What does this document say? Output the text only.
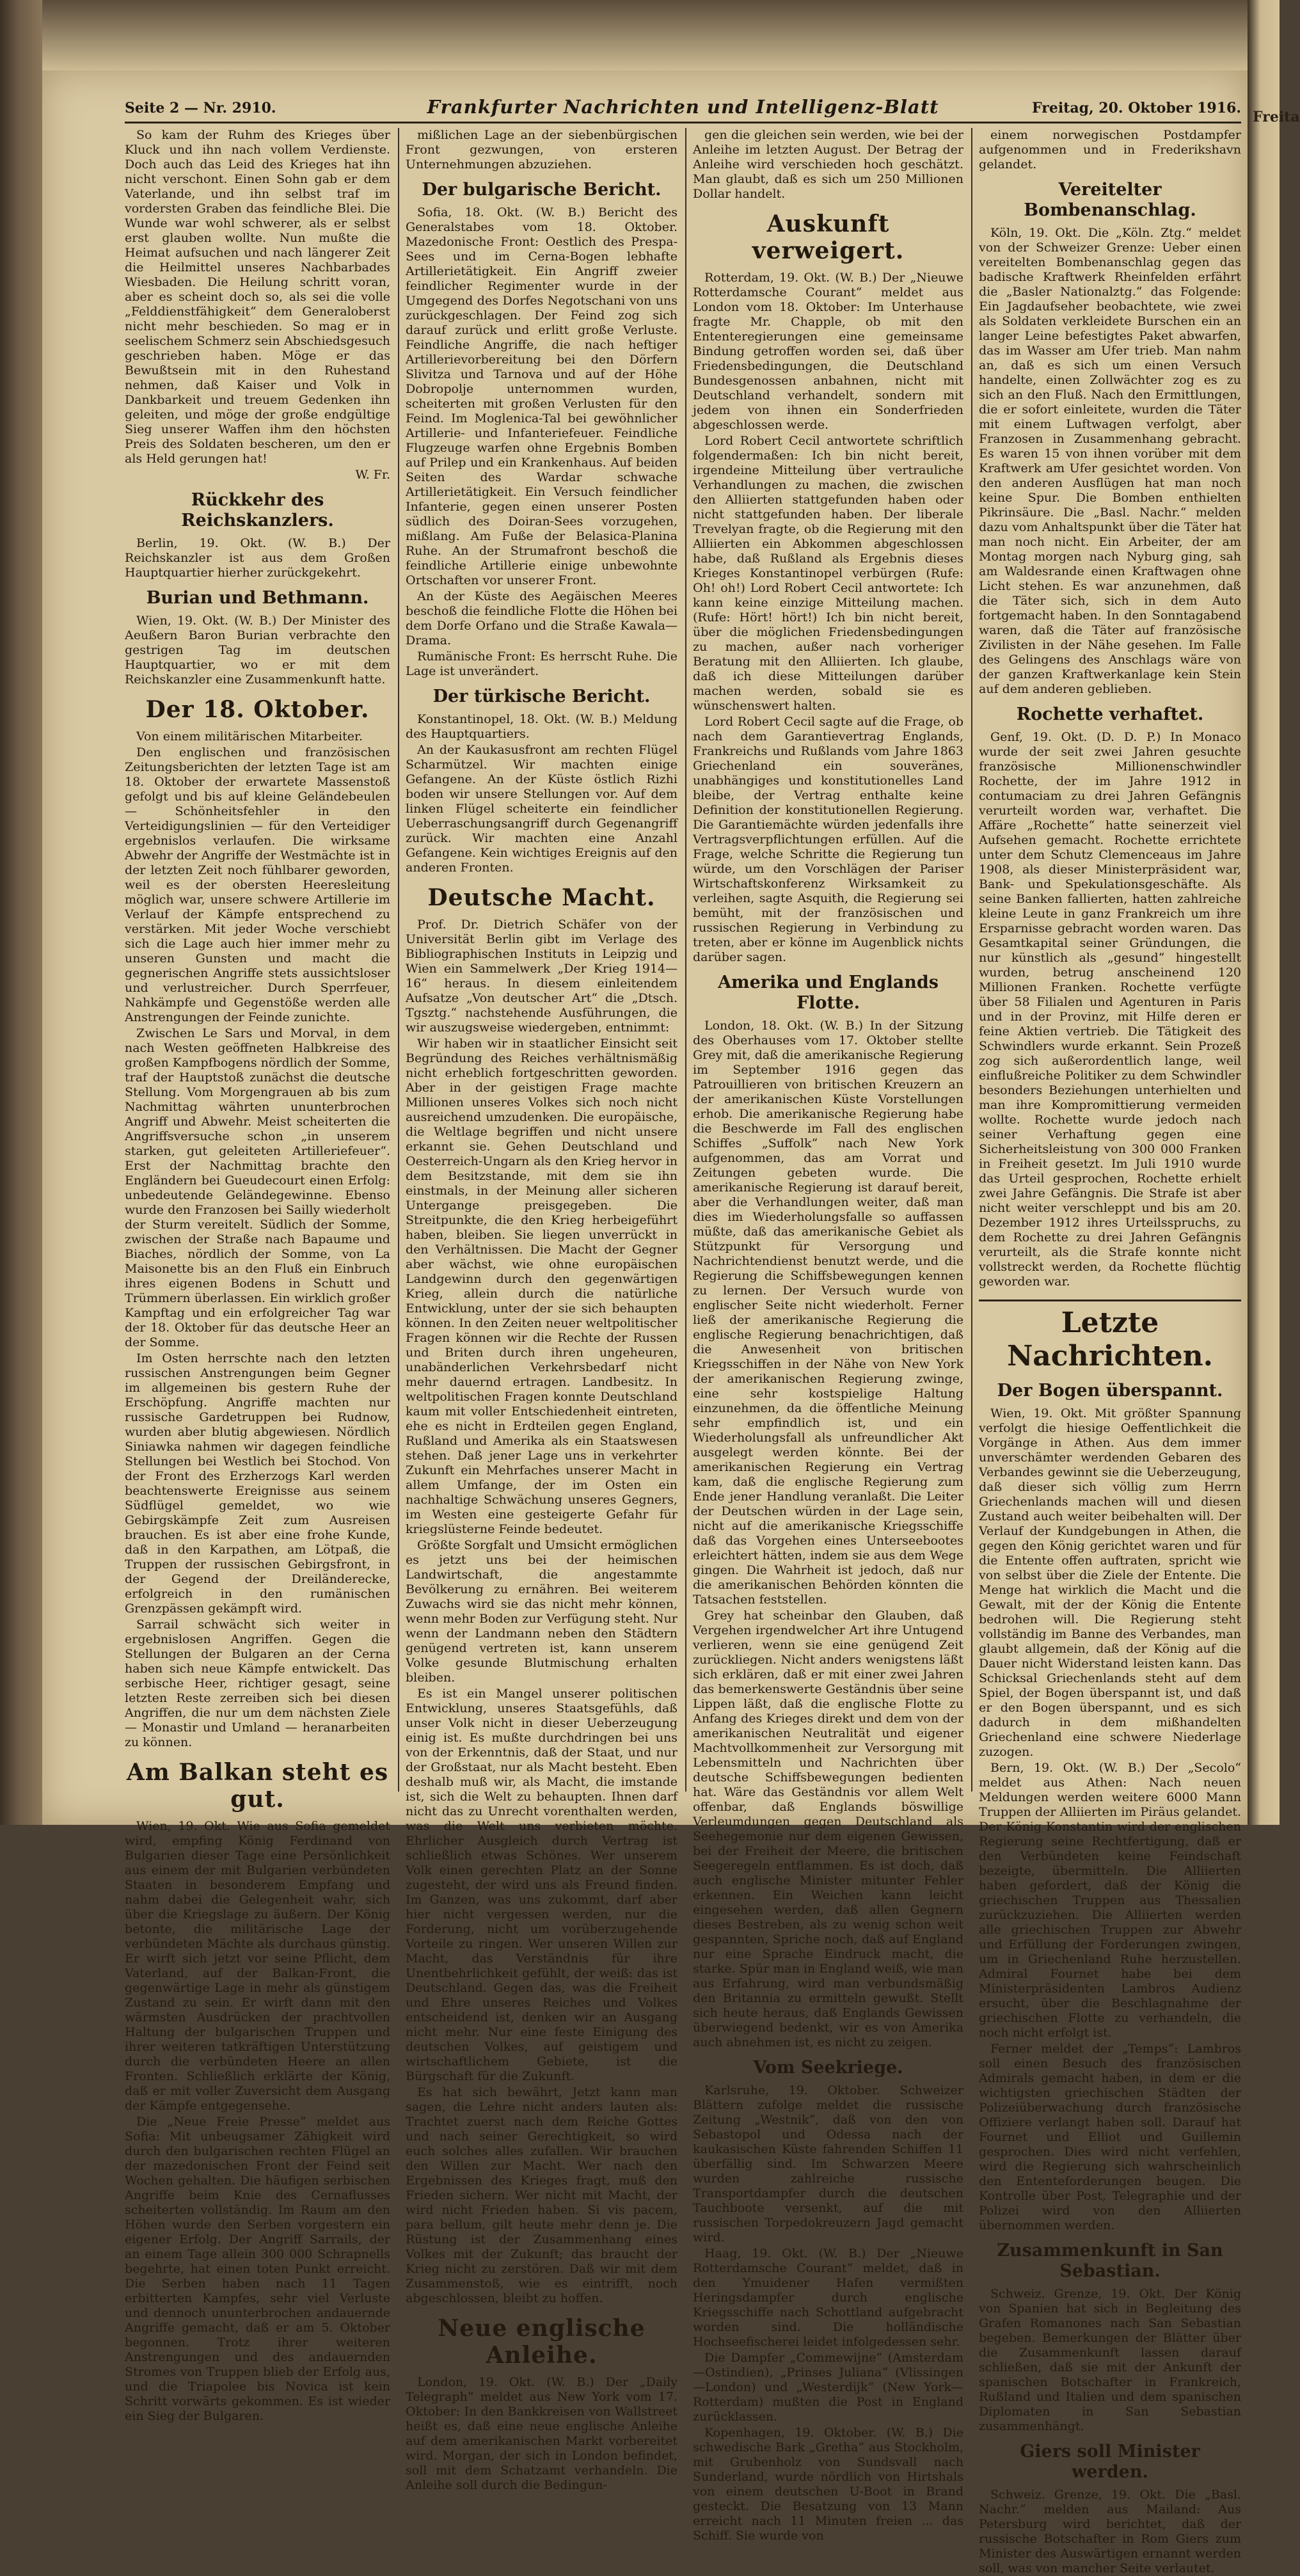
Freita
Seite 2 — Nr. 2910.	Frankfurter Nachrichten und Intelligenz-Blatt	Freitag, 20. Oktober 1916.

So kam der Ruhm des Krieges über Kluck und ihn nach vollem Verdienste. Doch auch das Leid des Krieges hat ihn nicht verschont. Einen Sohn gab er dem Vaterlande, und ihn selbst traf im vordersten Graben das feindliche Blei. Die Wunde war wohl schwerer, als er selbst erst glauben wollte. Nun mußte die Heimat aufsuchen und nach längerer Zeit die Heilmittel unseres Nachbarbades Wiesbaden. Die Heilung schritt voran, aber es scheint doch so, als sei die volle „Felddienstfähigkeit“ dem Generaloberst nicht mehr beschieden. So mag er in seelischem Schmerz sein Abschiedsgesuch geschrieben haben. Möge er das Bewußtsein mit in den Ruhestand nehmen, daß Kaiser und Volk in Dankbarkeit und treuem Gedenken ihn geleiten, und möge der große endgültige Sieg unserer Waffen ihm den höchsten Preis des Soldaten bescheren, um den er als Held gerungen hat!

W. Fr.

Rückkehr des Reichskanzlers.

Berlin, 19. Okt. (W. B.) Der Reichskanzler ist aus dem Großen Hauptquartier hierher zurückgekehrt.

Burian und Bethmann.

Wien, 19. Okt. (W. B.) Der Minister des Aeußern Baron Burian verbrachte den gestrigen Tag im deutschen Hauptquartier, wo er mit dem Reichskanzler eine Zusammenkunft hatte.

Der 18. Oktober.

Von einem militärischen Mitarbeiter.

Den englischen und französischen Zeitungsberichten der letzten Tage ist am 18. Oktober der erwartete Massenstoß gefolgt und bis auf kleine Geländebeulen — Schönheitsfehler in den Verteidigungslinien — für den Verteidiger ergebnislos verlaufen. Die wirksame Abwehr der Angriffe der Westmächte ist in der letzten Zeit noch fühlbarer geworden, weil es der obersten Heeresleitung möglich war, unsere schwere Artillerie im Verlauf der Kämpfe entsprechend zu verstärken. Mit jeder Woche verschiebt sich die Lage auch hier immer mehr zu unseren Gunsten und macht die gegnerischen Angriffe stets aussichtsloser und verlustreicher. Durch Sperrfeuer, Nahkämpfe und Gegenstöße werden alle Anstrengungen der Feinde zunichte.

Zwischen Le Sars und Morval, in dem nach Westen geöffneten Halbkreise des großen Kampfbogens nördlich der Somme, traf der Hauptstoß zunächst die deutsche Stellung. Vom Morgengrauen ab bis zum Nachmittag währten ununterbrochen Angriff und Abwehr. Meist scheiterten die Angriffsversuche schon „in unserem starken, gut geleiteten Artilleriefeuer“. Erst der Nachmittag brachte den Engländern bei Gueudecourt einen Erfolg: unbedeutende Geländegewinne. Ebenso wurde den Franzosen bei Sailly wiederholt der Sturm vereitelt. Südlich der Somme, zwischen der Straße nach Bapaume und Biaches, nördlich der Somme, von La Maisonette bis an den Fluß ein Einbruch ihres eigenen Bodens in Schutt und Trümmern überlassen. Ein wirklich großer Kampftag und ein erfolgreicher Tag war der 18. Oktober für das deutsche Heer an der Somme.

Im Osten herrschte nach den letzten russischen Anstrengungen beim Gegner im allgemeinen bis gestern Ruhe der Erschöpfung. Angriffe machten nur russische Gardetruppen bei Rudnow, wurden aber blutig abgewiesen. Nördlich Siniawka nahmen wir dagegen feindliche Stellungen bei Westlich bei Stochod. Von der Front des Erzherzogs Karl werden beachtenswerte Ereignisse aus seinem Südflügel gemeldet, wo wie Gebirgskämpfe Zeit zum Ausreisen brauchen. Es ist aber eine frohe Kunde, daß in den Karpathen, am Lötpaß, die Truppen der russischen Gebirgsfront, in der Gegend der Dreiländerecke, erfolgreich in den rumänischen Grenzpässen gekämpft wird.

Sarrail schwächt sich weiter in ergebnislosen Angriffen. Gegen die Stellungen der Bulgaren an der Cerna haben sich neue Kämpfe entwickelt. Das serbische Heer, richtiger gesagt, seine letzten Reste zerreiben sich bei diesen Angriffen, die nur um dem nächsten Ziele — Monastir und Umland — heranarbeiten zu können.

Am Balkan steht es gut.

Wien, 19. Okt. Wie aus Sofia gemeldet wird, empfing König Ferdinand von Bulgarien dieser Tage eine Persönlichkeit aus einem der mit Bulgarien verbündeten Staaten in besonderem Empfang und nahm dabei die Gelegenheit wahr, sich über die Kriegslage zu äußern. Der König betonte, die militärische Lage der verbündeten Mächte als durchaus günstig. Er wirft sich jetzt vor seine Pflicht, dem Vaterland, auf der Balkan-Front, die gegenwärtige Lage in mehr als günstigem Zustand zu sein. Er wirft dann mit den wärmsten Ausdrücken der prachtvollen Haltung der bulgarischen Truppen und ihrer weiteren tatkräftigen Unterstützung durch die verbündeten Heere an allen Fronten. Schließlich erklärte der König, daß er mit voller Zuversicht dem Ausgang der Kämpfe entgegensehe.

Die „Neue Freie Presse“ meldet aus Sofia: Mit unbeugsamer Zähigkeit wird durch den bulgarischen rechten Flügel an der mazedonischen Front der Feind seit Wochen gehalten. Die häufigen serbischen Angriffe beim Knie des Cernaflusses scheiterten vollständig. Im Raum am den Höhen wurde den Serben vorgestern ein eigener Erfolg. Der Angriff Sarrails, der an einem Tage allein 300 000 Schrapnells begehrte, hat einen toten Punkt erreicht. Die Serben haben nach 11 Tagen erbitterten Kampfes, sehr viel Verluste und dennoch ununterbrochen andauernde Angriffe gemacht, daß er am 5. Oktober begonnen. Trotz ihrer weiteren Anstrengungen und des andauernden Stromes von Truppen blieb der Erfolg aus, und die Triapolee bis Novica ist kein Schritt vorwärts gekommen. Es ist wieder ein Sieg der Bulgaren.

mißlichen Lage an der siebenbürgischen Front gezwungen, von ersteren Unternehmungen abzuziehen.

Der bulgarische Bericht.

Sofia, 18. Okt. (W. B.) Bericht des Generalstabes vom 18. Oktober. Mazedonische Front: Oestlich des Prespa-Sees und im Cerna-Bogen lebhafte Artillerietätigkeit. Ein Angriff zweier feindlicher Regimenter wurde in der Umgegend des Dorfes Negotschani von uns zurückgeschlagen. Der Feind zog sich darauf zurück und erlitt große Verluste. Feindliche Angriffe, die nach heftiger Artillerievorbereitung bei den Dörfern Slivitza und Tarnova und auf der Höhe Dobropolje unternommen wurden, scheiterten mit großen Verlusten für den Feind. Im Moglenica-Tal bei gewöhnlicher Artillerie- und Infanteriefeuer. Feindliche Flugzeuge warfen ohne Ergebnis Bomben auf Prilep und ein Krankenhaus. Auf beiden Seiten des Wardar schwache Artillerietätigkeit. Ein Versuch feindlicher Infanterie, gegen einen unserer Posten südlich des Doiran-Sees vorzugehen, mißlang. Am Fuße der Belasica-Planina Ruhe. An der Strumafront beschoß die feindliche Artillerie einige unbewohnte Ortschaften vor unserer Front.

An der Küste des Aegäischen Meeres beschoß die feindliche Flotte die Höhen bei dem Dorfe Orfano und die Straße Kawala—Drama.

Rumänische Front: Es herrscht Ruhe. Die Lage ist unverändert.

Der türkische Bericht.

Konstantinopel, 18. Okt. (W. B.) Meldung des Hauptquartiers.

An der Kaukasusfront am rechten Flügel Scharmützel. Wir machten einige Gefangene. An der Küste östlich Rizhi boden wir unsere Stellungen vor. Auf dem linken Flügel scheiterte ein feindlicher Ueberraschungsangriff durch Gegenangriff zurück. Wir machten eine Anzahl Gefangene. Kein wichtiges Ereignis auf den anderen Fronten.

Deutsche Macht.

Prof. Dr. Dietrich Schäfer von der Universität Berlin gibt im Verlage des Bibliographischen Instituts in Leipzig und Wien ein Sammelwerk „Der Krieg 1914—16“ heraus. In diesem einleitendem Aufsatze „Von deutscher Art“ die „Dtsch. Tgsztg.“ nachstehende Ausführungen, die wir auszugsweise wiedergeben, entnimmt:

Wir haben wir in staatlicher Einsicht seit Begründung des Reiches verhältnismäßig nicht erheblich fortgeschritten geworden. Aber in der geistigen Frage machte Millionen unseres Volkes sich noch nicht ausreichend umzudenken. Die europäische, die Weltlage begriffen und nicht unsere erkannt sie. Gehen Deutschland und Oesterreich-Ungarn als den Krieg hervor in dem Besitzstande, mit dem sie ihn einstmals, in der Meinung aller sicheren Untergange preisgegeben. Die Streitpunkte, die den Krieg herbeigeführt haben, bleiben. Sie liegen unverrückt in den Verhältnissen. Die Macht der Gegner aber wächst, wie ohne europäischen Landgewinn durch den gegenwärtigen Krieg, allein durch die natürliche Entwicklung, unter der sie sich behaupten können. In den Zeiten neuer weltpolitischer Fragen können wir die Rechte der Russen und Briten durch ihren ungeheuren, unabänderlichen Verkehrsbedarf nicht mehr dauernd ertragen. Landbesitz. In weltpolitischen Fragen konnte Deutschland kaum mit voller Entschiedenheit eintreten, ehe es nicht in Erdteilen gegen England, Rußland und Amerika als ein Staatswesen stehen. Daß jener Lage uns in verkehrter Zukunft ein Mehrfaches unserer Macht in allem Umfange, der im Osten ein nachhaltige Schwächung unseres Gegners, im Westen eine gesteigerte Gefahr für kriegslüsterne Feinde bedeutet.

Größte Sorgfalt und Umsicht ermöglichen es jetzt uns bei der heimischen Landwirtschaft, die angestammte Bevölkerung zu ernähren. Bei weiterem Zuwachs wird sie das nicht mehr können, wenn mehr Boden zur Verfügung steht. Nur wenn der Landmann neben den Städtern genügend vertreten ist, kann unserem Volke gesunde Blutmischung erhalten bleiben.

Es ist ein Mangel unserer politischen Entwicklung, unseres Staatsgefühls, daß unser Volk nicht in dieser Ueberzeugung einig ist. Es mußte durchdringen bei uns von der Erkenntnis, daß der Staat, und nur der Großstaat, nur als Macht besteht. Eben deshalb muß wir, als Macht, die imstande ist, sich die Welt zu behaupten. Ihnen darf nicht das zu Unrecht vorenthalten werden, was die Welt uns verbieten möchte. Ehrlicher Ausgleich durch Vertrag ist schließlich etwas Schönes. Wer unserem Volk einen gerechten Platz an der Sonne zugesteht, der wird uns als Freund finden. Im Ganzen, was uns zukommt, darf aber hier nicht vergessen werden, nur die Forderung, nicht um vorüberzugehende Vorteile zu ringen. Wer unseren Willen zur Macht, das Verständnis für ihre Unentbehrlichkeit gefühlt, der weiß: das ist Deutschland. Gegen das, was die Freiheit und Ehre unseres Reiches und Volkes entscheidend ist, denken wir an Ausgang nicht mehr. Nur eine feste Einigung des deutschen Volkes, auf geistigem und wirtschaftlichem Gebiete, ist die Bürgschaft für die Zukunft.

Es hat sich bewährt, Jetzt kann man sagen, die Lehre nicht anders lauten als: Trachtet zuerst nach dem Reiche Gottes und nach seiner Gerechtigkeit, so wird euch solches alles zufallen. Wir brauchen den Willen zur Macht. Wer nach den Ergebnissen des Krieges fragt, muß den Frieden sichern. Wer nicht mit Macht, der wird nicht Frieden haben. Si vis pacem, para bellum, gilt heute mehr denn je. Die Rüstung ist der Zusammenhang eines Volkes mit der Zukunft; das braucht der Krieg nicht zu zerstören. Daß wir mit dem Zusammenstoß, wie es eintrifft, noch abgeschlossen, bleibt zu hoffen.

Neue englische Anleihe.

London, 19. Okt. (W. B.) Der „Daily Telegraph“ meldet aus New York vom 17. Oktober: In den Bankkreisen von Wallstreet heißt es, daß eine neue englische Anleihe auf dem amerikanischen Markt vorbereitet wird. Morgan, der sich in London befindet, soll mit dem Schatzamt verhandeln. Die Anleihe soll durch die Bedingun-

gen die gleichen sein werden, wie bei der Anleihe im letzten August. Der Betrag der Anleihe wird verschieden hoch geschätzt. Man glaubt, daß es sich um 250 Millionen Dollar handelt.

Auskunft verweigert.

Rotterdam, 19. Okt. (W. B.) Der „Nieuwe Rotterdamsche Courant“ meldet aus London vom 18. Oktober: Im Unterhause fragte Mr. Chapple, ob mit den Ententeregierungen eine gemeinsame Bindung getroffen worden sei, daß über Friedensbedingungen, die Deutschland Bundesgenossen anbahnen, nicht mit Deutschland verhandelt, sondern mit jedem von ihnen ein Sonderfrieden abgeschlossen werde.

Lord Robert Cecil antwortete schriftlich folgendermaßen: Ich bin nicht bereit, irgendeine Mitteilung über vertrauliche Verhandlungen zu machen, die zwischen den Alliierten stattgefunden haben oder nicht stattgefunden haben. Der liberale Trevelyan fragte, ob die Regierung mit den Alliierten ein Abkommen abgeschlossen habe, daß Rußland als Ergebnis dieses Krieges Konstantinopel verbürgen (Rufe: Oh! oh!) Lord Robert Cecil antwortete: Ich kann keine einzige Mitteilung machen. (Rufe: Hört! hört!) Ich bin nicht bereit, über die möglichen Friedensbedingungen zu machen, außer nach vorheriger Beratung mit den Alliierten. Ich glaube, daß ich diese Mitteilungen darüber machen werden, sobald sie es wünschenswert halten.

Lord Robert Cecil sagte auf die Frage, ob nach dem Garantievertrag Englands, Frankreichs und Rußlands vom Jahre 1863 Griechenland ein souveränes, unabhängiges und konstitutionelles Land bleibe, der Vertrag enthalte keine Definition der konstitutionellen Regierung. Die Garantiemächte würden jedenfalls ihre Vertragsverpflichtungen erfüllen. Auf die Frage, welche Schritte die Regierung tun würde, um den Vorschlägen der Pariser Wirtschaftskonferenz Wirksamkeit zu verleihen, sagte Asquith, die Regierung sei bemüht, mit der französischen und russischen Regierung in Verbindung zu treten, aber er könne im Augenblick nichts darüber sagen.

Amerika und Englands Flotte.

London, 18. Okt. (W. B.) In der Sitzung des Oberhauses vom 17. Oktober stellte Grey mit, daß die amerikanische Regierung im September 1916 gegen das Patrouillieren von britischen Kreuzern an der amerikanischen Küste Vorstellungen erhob. Die amerikanische Regierung habe die Beschwerde im Fall des englischen Schiffes „Suffolk“ nach New York aufgenommen, das am Vorrat und Zeitungen gebeten wurde. Die amerikanische Regierung ist darauf bereit, aber die Verhandlungen weiter, daß man dies im Wiederholungsfalle so auffassen müßte, daß das amerikanische Gebiet als Stützpunkt für Versorgung und Nachrichtendienst benutzt werde, und die Regierung die Schiffsbewegungen kennen zu lernen. Der Versuch wurde von englischer Seite nicht wiederholt. Ferner ließ der amerikanische Regierung die englische Regierung benachrichtigen, daß die Anwesenheit von britischen Kriegsschiffen in der Nähe von New York der amerikanischen Regierung zwinge, eine sehr kostspielige Haltung einzunehmen, da die öffentliche Meinung sehr empfindlich ist, und ein Wiederholungsfall als unfreundlicher Akt ausgelegt werden könnte. Bei der amerikanischen Regierung ein Vertrag kam, daß die englische Regierung zum Ende jener Handlung veranlaßt. Die Leiter der Deutschen würden in der Lage sein, nicht auf die amerikanische Kriegsschiffe daß das Vorgehen eines Unterseebootes erleichtert hätten, indem sie aus dem Wege gingen. Die Wahrheit ist jedoch, daß nur die amerikanischen Behörden könnten die Tatsachen feststellen.

Grey hat scheinbar den Glauben, daß Vergehen irgendwelcher Art ihre Untugend verlieren, wenn sie eine genügend Zeit zurückliegen. Nicht anders wenigstens läßt sich erklären, daß er mit einer zwei Jahren das bemerkenswerte Geständnis über seine Lippen läßt, daß die englische Flotte zu Anfang des Krieges direkt und dem von der amerikanischen Neutralität und eigener Machtvollkommenheit zur Versorgung mit Lebensmitteln und Nachrichten über deutsche Schiffsbewegungen bedienten hat. Wäre das Geständnis vor allem Welt offenbar, daß Englands böswillige Verleumdungen gegen Deutschland als Seehegemonie nur dem eigenen Gewissen, bei der Freiheit der Meere, die britischen Seegeregeln entflammen. Es ist doch, daß auch englische Minister mitunter Fehler erkennen. Ein Weichen kann leicht eingesehen werden, daß allen Gegnern dieses Bestreben, als zu wenig schon weit gespannten, Spriche noch, daß auf England nur eine Sprache Eindruck macht, die starke. Spür man in England weiß, wie man aus Erfahrung, wird man verbundsmäßig den Britannia zu ermitteln gewußt. Stellt sich heute heraus, daß Englands Gewissen überwiegend bedenkt, wir es von Amerika auch abnehmen ist, es nicht zu zeigen.

Vom Seekriege.

Karlsruhe, 19. Oktober. Schweizer Blättern zufolge meldet die russische Zeitung „Westnik“, daß von den von Sebastopol und Odessa nach der kaukasischen Küste fahrenden Schiffen 11 überfällig sind. Im Schwarzen Meere wurden zahlreiche russische Transportdampfer durch die deutschen Tauchboote versenkt, auf die mit russischen Torpedokreuzern Jagd gemacht wird.

Haag, 19. Okt. (W. B.) Der „Nieuwe Rotterdamsche Courant“ meldet, daß in den Ymuidener Hafen vermißten Heringsdampfer durch englische Kriegsschiffe nach Schottland aufgebracht worden sind. Die holländische Hochseefischerei leidet infolgedessen sehr.

Die Dampfer „Commewijne“ (Amsterdam—Ostindien), „Prinses Juliana“ (Vlissingen—London) und „Westerdijk“ (New York—Rotterdam) mußten die Post in England zurücklassen.

Kopenhagen, 19. Oktober. (W. B.) Die schwedische Bark „Gretha“ aus Stockholm, mit Grubenholz von Sundsvall nach Sunderland, wurde nördlich von Hirtshals von einem deutschen U-Boot in Brand gesteckt. Die Besatzung von 13 Mann erreicht nach 11 Minuten freien ... das Schiff. Sie wurde von

einem norwegischen Postdampfer aufgenommen und in Frederikshavn gelandet.

Vereitelter Bombenanschlag.

Köln, 19. Okt. Die „Köln. Ztg.“ meldet von der Schweizer Grenze: Ueber einen vereitelten Bombenanschlag gegen das badische Kraftwerk Rheinfelden erfährt die „Basler Nationalztg.“ das Folgende: Ein Jagdaufseher beobachtete, wie zwei als Soldaten verkleidete Burschen ein an langer Leine befestigtes Paket abwarfen, das im Wasser am Ufer trieb. Man nahm an, daß es sich um einen Versuch handelte, einen Zollwächter zog es zu sich an den Fluß. Nach den Ermittlungen, die er sofort einleitete, wurden die Täter mit einem Luftwagen verfolgt, aber Franzosen in Zusammenhang gebracht. Es waren 15 von ihnen vorüber mit dem Kraftwerk am Ufer gesichtet worden. Von den anderen Ausflügen hat man noch keine Spur. Die Bomben enthielten Pikrinsäure. Die „Basl. Nachr.“ melden dazu vom Anhaltspunkt über die Täter hat man noch nicht. Ein Arbeiter, der am Montag morgen nach Nyburg ging, sah am Waldesrande einen Kraftwagen ohne Licht stehen. Es war anzunehmen, daß die Täter sich, sich in dem Auto fortgemacht haben. In den Sonntagabend waren, daß die Täter auf französische Zivilisten in der Nähe gesehen. Im Falle des Gelingens des Anschlags wäre von der ganzen Kraftwerkanlage kein Stein auf dem anderen geblieben.

Rochette verhaftet.

Genf, 19. Okt. (D. D. P.) In Monaco wurde der seit zwei Jahren gesuchte französische Millionenschwindler Rochette, der im Jahre 1912 in contumaciam zu drei Jahren Gefängnis verurteilt worden war, verhaftet. Die Affäre „Rochette“ hatte seinerzeit viel Aufsehen gemacht. Rochette errichtete unter dem Schutz Clemenceaus im Jahre 1908, als dieser Ministerpräsident war, Bank- und Spekulationsgeschäfte. Als seine Banken fallierten, hatten zahlreiche kleine Leute in ganz Frankreich um ihre Ersparnisse gebracht worden waren. Das Gesamtkapital seiner Gründungen, die nur künstlich als „gesund“ hingestellt wurden, betrug anscheinend 120 Millionen Franken. Rochette verfügte über 58 Filialen und Agenturen in Paris und in der Provinz, mit Hilfe deren er feine Aktien vertrieb. Die Tätigkeit des Schwindlers wurde erkannt. Sein Prozeß zog sich außerordentlich lange, weil einflußreiche Politiker zu dem Schwindler besonders Beziehungen unterhielten und man ihre Kompromittierung vermeiden wollte. Rochette wurde jedoch nach seiner Verhaftung gegen eine Sicherheitsleistung von 300 000 Franken in Freiheit gesetzt. Im Juli 1910 wurde das Urteil gesprochen, Rochette erhielt zwei Jahre Gefängnis. Die Strafe ist aber nicht weiter verschleppt und bis am 20. Dezember 1912 ihres Urteilsspruchs, zu dem Rochette zu drei Jahren Gefängnis verurteilt, als die Strafe konnte nicht vollstreckt werden, da Rochette flüchtig geworden war.

Letzte Nachrichten.
Der Bogen überspannt.

Wien, 19. Okt. Mit größter Spannung verfolgt die hiesige Oeffentlichkeit die Vorgänge in Athen. Aus dem immer unverschämter werdenden Gebaren des Verbandes gewinnt sie die Ueberzeugung, daß dieser sich völlig zum Herrn Griechenlands machen will und diesen Zustand auch weiter beibehalten will. Der Verlauf der Kundgebungen in Athen, die gegen den König gerichtet waren und für die Entente offen auftraten, spricht wie von selbst über die Ziele der Entente. Die Menge hat wirklich die Macht und die Gewalt, mit der der König die Entente bedrohen will. Die Regierung steht vollständig im Banne des Verbandes, man glaubt allgemein, daß der König auf die Dauer nicht Widerstand leisten kann. Das Schicksal Griechenlands steht auf dem Spiel, der Bogen überspannt ist, und daß er den Bogen überspannt, und es sich dadurch in dem mißhandelten Griechenland eine schwere Niederlage zuzogen.

Bern, 19. Okt. (W. B.) Der „Secolo“ meldet aus Athen: Nach neuen Meldungen werden weitere 6000 Mann Truppen der Alliierten im Piräus gelandet. Der König Konstantin wird der englischen Regierung seine Rechtfertigung, daß er den Verbündeten keine Feindschaft bezeigte, übermitteln. Die Alliierten haben gefordert, daß der König die griechischen Truppen aus Thessalien zurückzuziehen. Die Alliierten werden alle griechischen Truppen zur Abwehr und Erfüllung der Forderungen zwingen, um in Griechenland Ruhe herzustellen. Admiral Fournet habe bei dem Ministerpräsidenten Lambros Audienz ersucht, über die Beschlagnahme der griechischen Flotte zu verhandeln, die noch nicht erfolgt ist.

Ferner meldet der „Temps“: Lambros soll einen Besuch des französischen Admirals gemacht haben, in dem er die wichtigsten griechischen Städten der Polizeiüberwachung durch französische Offiziere verlangt haben soll. Darauf hat Fournet und Elliot und Guillemin gesprochen. Dies wird nicht verfehlen, wird die Regierung sich wahrscheinlich den Ententeforderungen beugen. Die Kontrolle über Post, Telegraphie und der Polizei wird von den Alliierten übernommen werden.

Zusammenkunft in San Sebastian.

Schweiz. Grenze, 19. Okt. Der König von Spanien hat sich in Begleitung des Grafen Romanones nach San Sebastian begeben. Bemerkungen der Blätter über die Zusammenkunft lassen darauf schließen, daß sie mit der Ankunft der spanischen Botschafter in Frankreich, Rußland und Italien und dem spanischen Diplomaten in San Sebastian zusammenhängt.

Giers soll Minister werden.

Schweiz. Grenze, 19. Okt. Die „Basl. Nachr.“ melden aus Mailand: Aus Petersburg wird berichtet, daß der russische Botschafter in Rom Giers zum Minister des Auswärtigen ernannt werden soll, was von mancher Seite verlautet.
